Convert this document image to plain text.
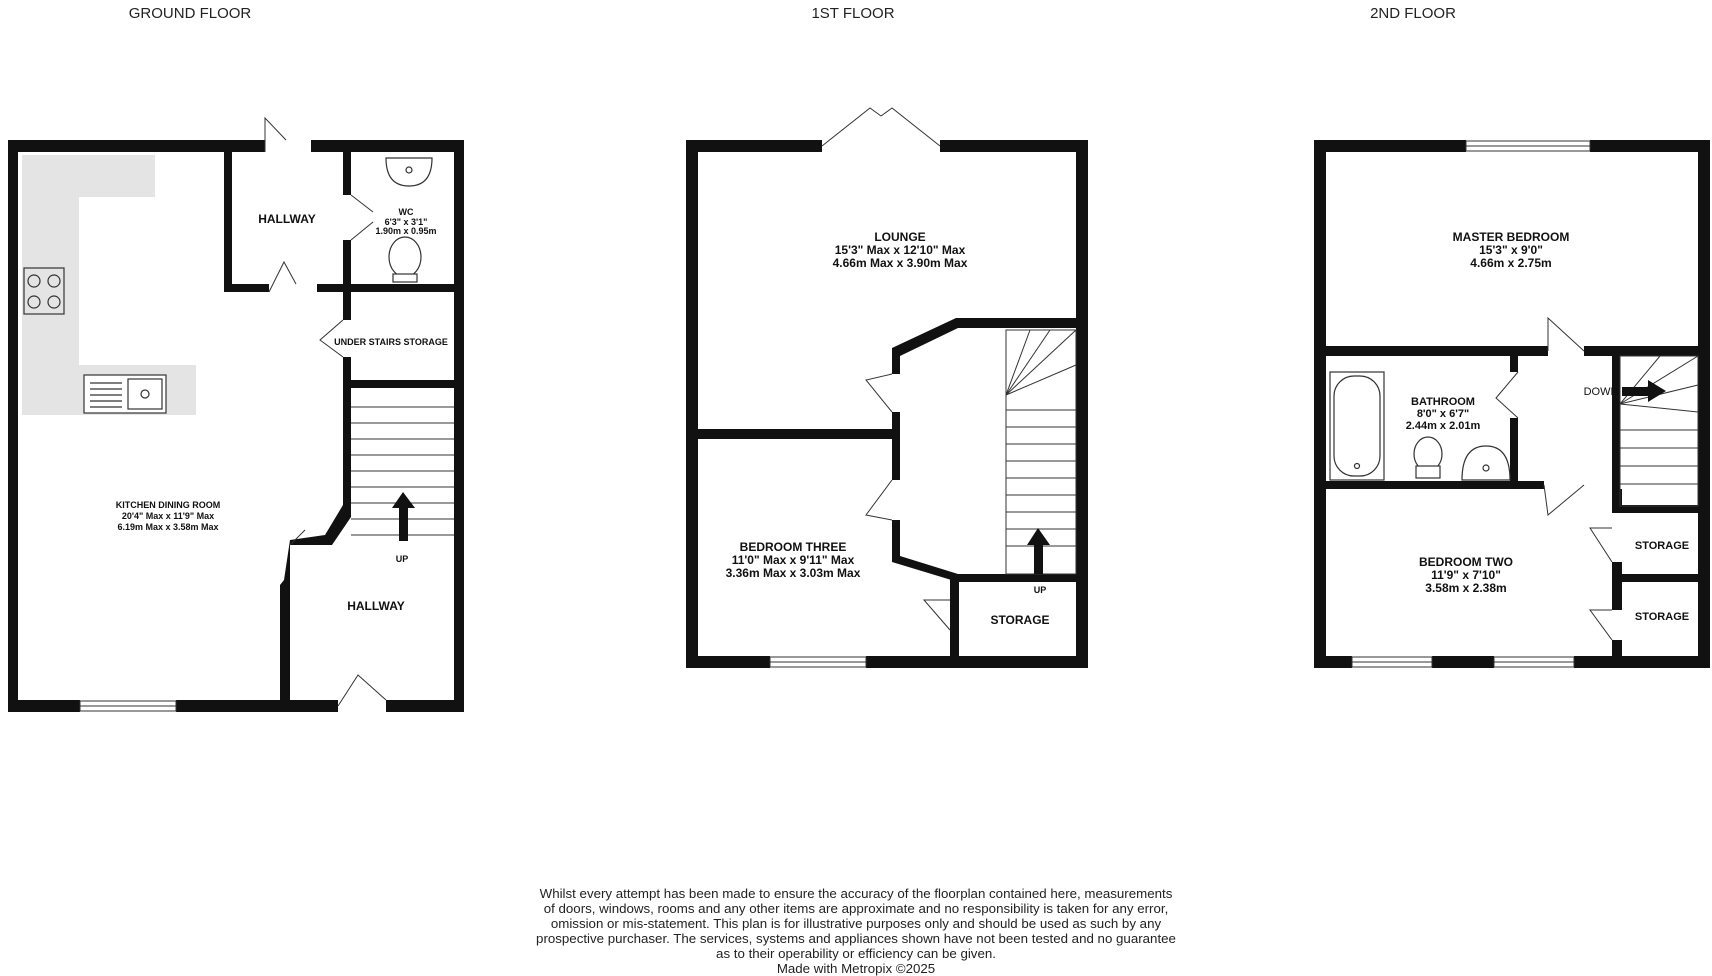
GROUND FLOOR	1ST FLOOR	2ND FLOOR
HALLWAY	WC
6'3" x 3'1"
1.90m x 0.95m
UNDER STAIRS STORAGE
KITCHEN DINING ROOM
20'4" Max x 11'9" Max
6.19m Max x 3.58m Max
UP
HALLWAY
LOUNGE
15'3" Max x 12'10" Max
4.66m Max x 3.90m Max
BEDROOM THREE
11'0" Max x 9'11" Max
3.36m Max x 3.03m Max
STORAGE
UP
MASTER BEDROOM
15'3" x 9'0"
4.66m x 2.75m
BATHROOM
8'0" x 6'7"
2.44m x 2.01m
DOWN
STORAGE
STORAGE
BEDROOM TWO
11'9" x 7'10"
3.58m x 2.38m
Whilst every attempt has been made to ensure the accuracy of the floorplan contained here, measurements
of doors, windows, rooms and any other items are approximate and no responsibility is taken for any error,
omission or mis-statement. This plan is for illustrative purposes only and should be used as such by any
prospective purchaser. The services, systems and appliances shown have not been tested and no guarantee
as to their operability or efficiency can be given.
Made with Metropix ©2025
